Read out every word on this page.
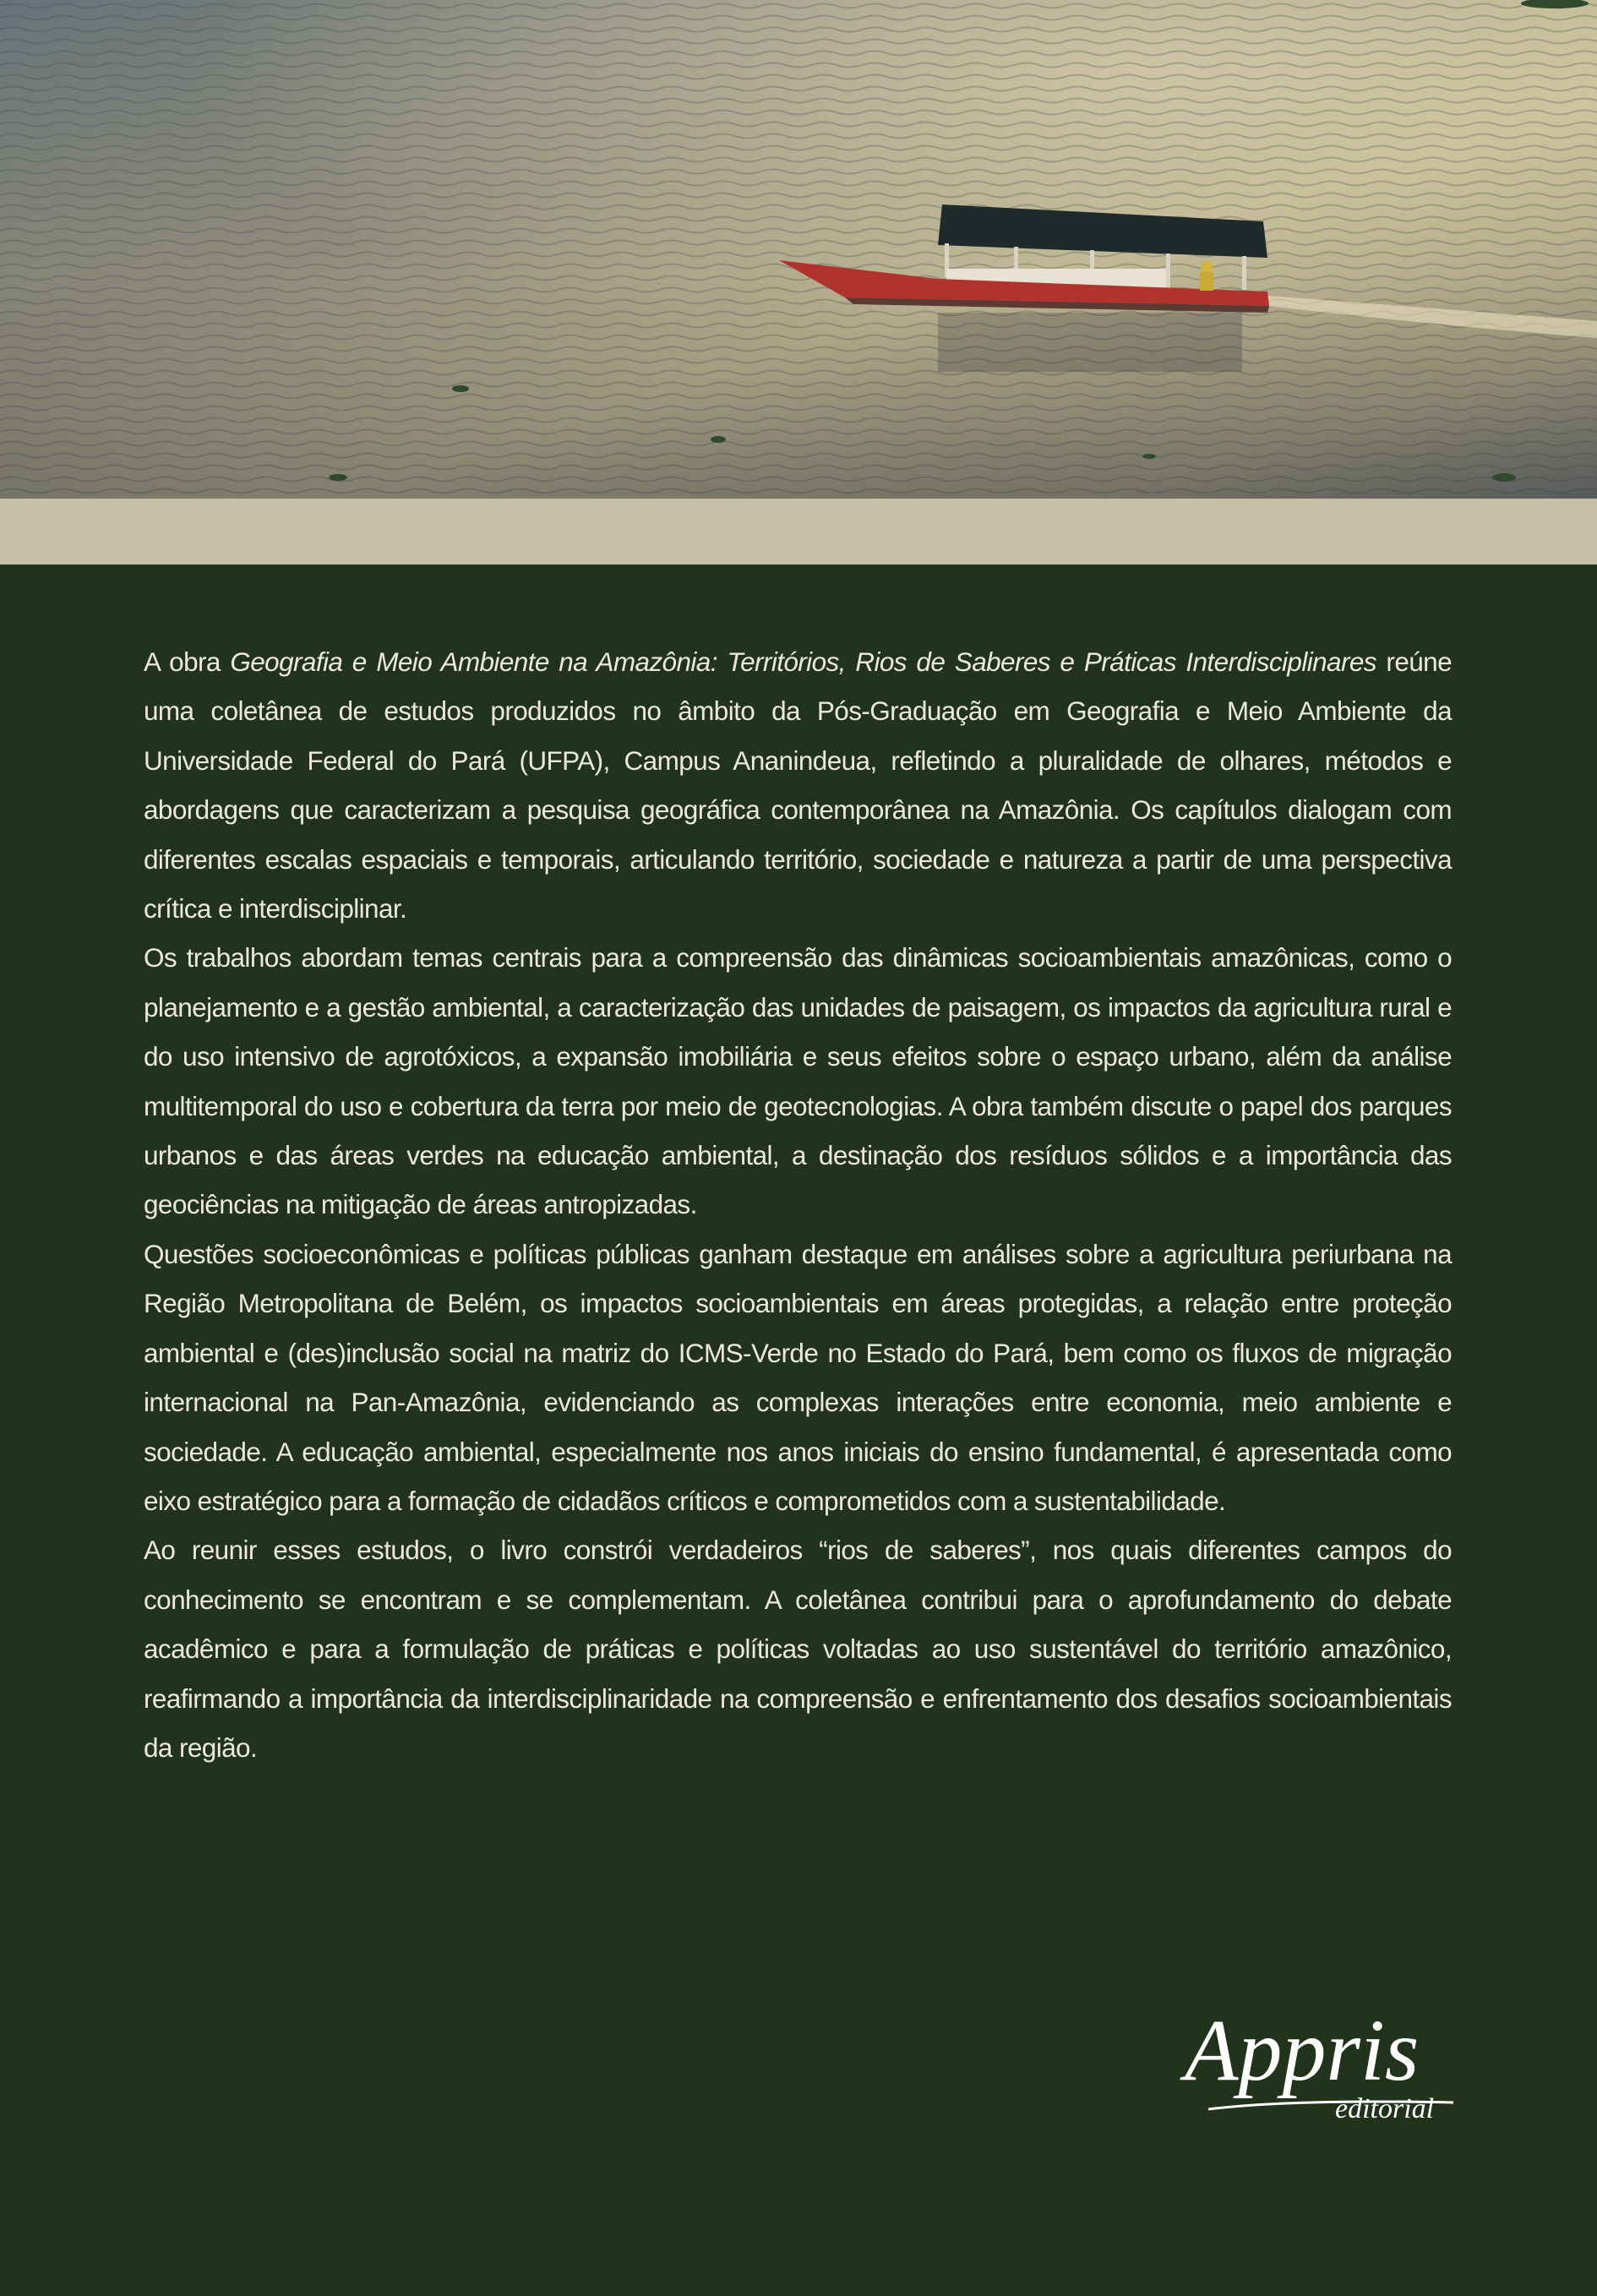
A obra Geografia e Meio Ambiente na Amazônia: Territórios, Rios de Saberes e Práticas Interdisciplinares reúne uma coletânea de estudos produzidos no âmbito da Pós-Graduação em Geografia e Meio Ambiente da Universidade Federal do Pará (UFPA), Campus Ananindeua, refletindo a pluralidade de olhares, métodos e abordagens que caracterizam a pesquisa geográfica contemporânea na Amazônia. Os capítulos dialogam com diferentes escalas espaciais e temporais, articulando território, sociedade e natureza a partir de uma perspectiva crítica e interdisciplinar.

Os trabalhos abordam temas centrais para a compreensão das dinâmicas socioambientais amazônicas, como o planejamento e a gestão ambiental, a caracterização das unidades de paisagem, os impactos da agricultura rural e do uso intensivo de agrotóxicos, a expansão imobiliária e seus efeitos sobre o espaço urbano, além da análise multitemporal do uso e cobertura da terra por meio de geotecnologias. A obra também discute o papel dos parques urbanos e das áreas verdes na educação ambiental, a destinação dos resíduos sólidos e a importância das geociências na mitigação de áreas antropizadas.

Questões socioeconômicas e políticas públicas ganham destaque em análises sobre a agricultura periurbana na Região Metropolitana de Belém, os impactos socioambientais em áreas protegidas, a relação entre proteção ambiental e (des)inclusão social na matriz do ICMS-Verde no Estado do Pará, bem como os fluxos de migração internacional na Pan-Amazônia, evidenciando as complexas interações entre economia, meio ambiente e sociedade. A educação ambiental, especialmente nos anos iniciais do ensino fundamental, é apresentada como eixo estratégico para a formação de cidadãos críticos e comprometidos com a sustentabilidade.

Ao reunir esses estudos, o livro constrói verdadeiros “rios de saberes”, nos quais diferentes campos do conhecimento se encontram e se complementam. A coletânea contribui para o aprofundamento do debate acadêmico e para a formulação de práticas e políticas voltadas ao uso sustentável do território amazônico, reafirmando a importância da interdisciplinaridade na compreensão e enfrentamento dos desafios socioambientais da região.

Appris
editorial
